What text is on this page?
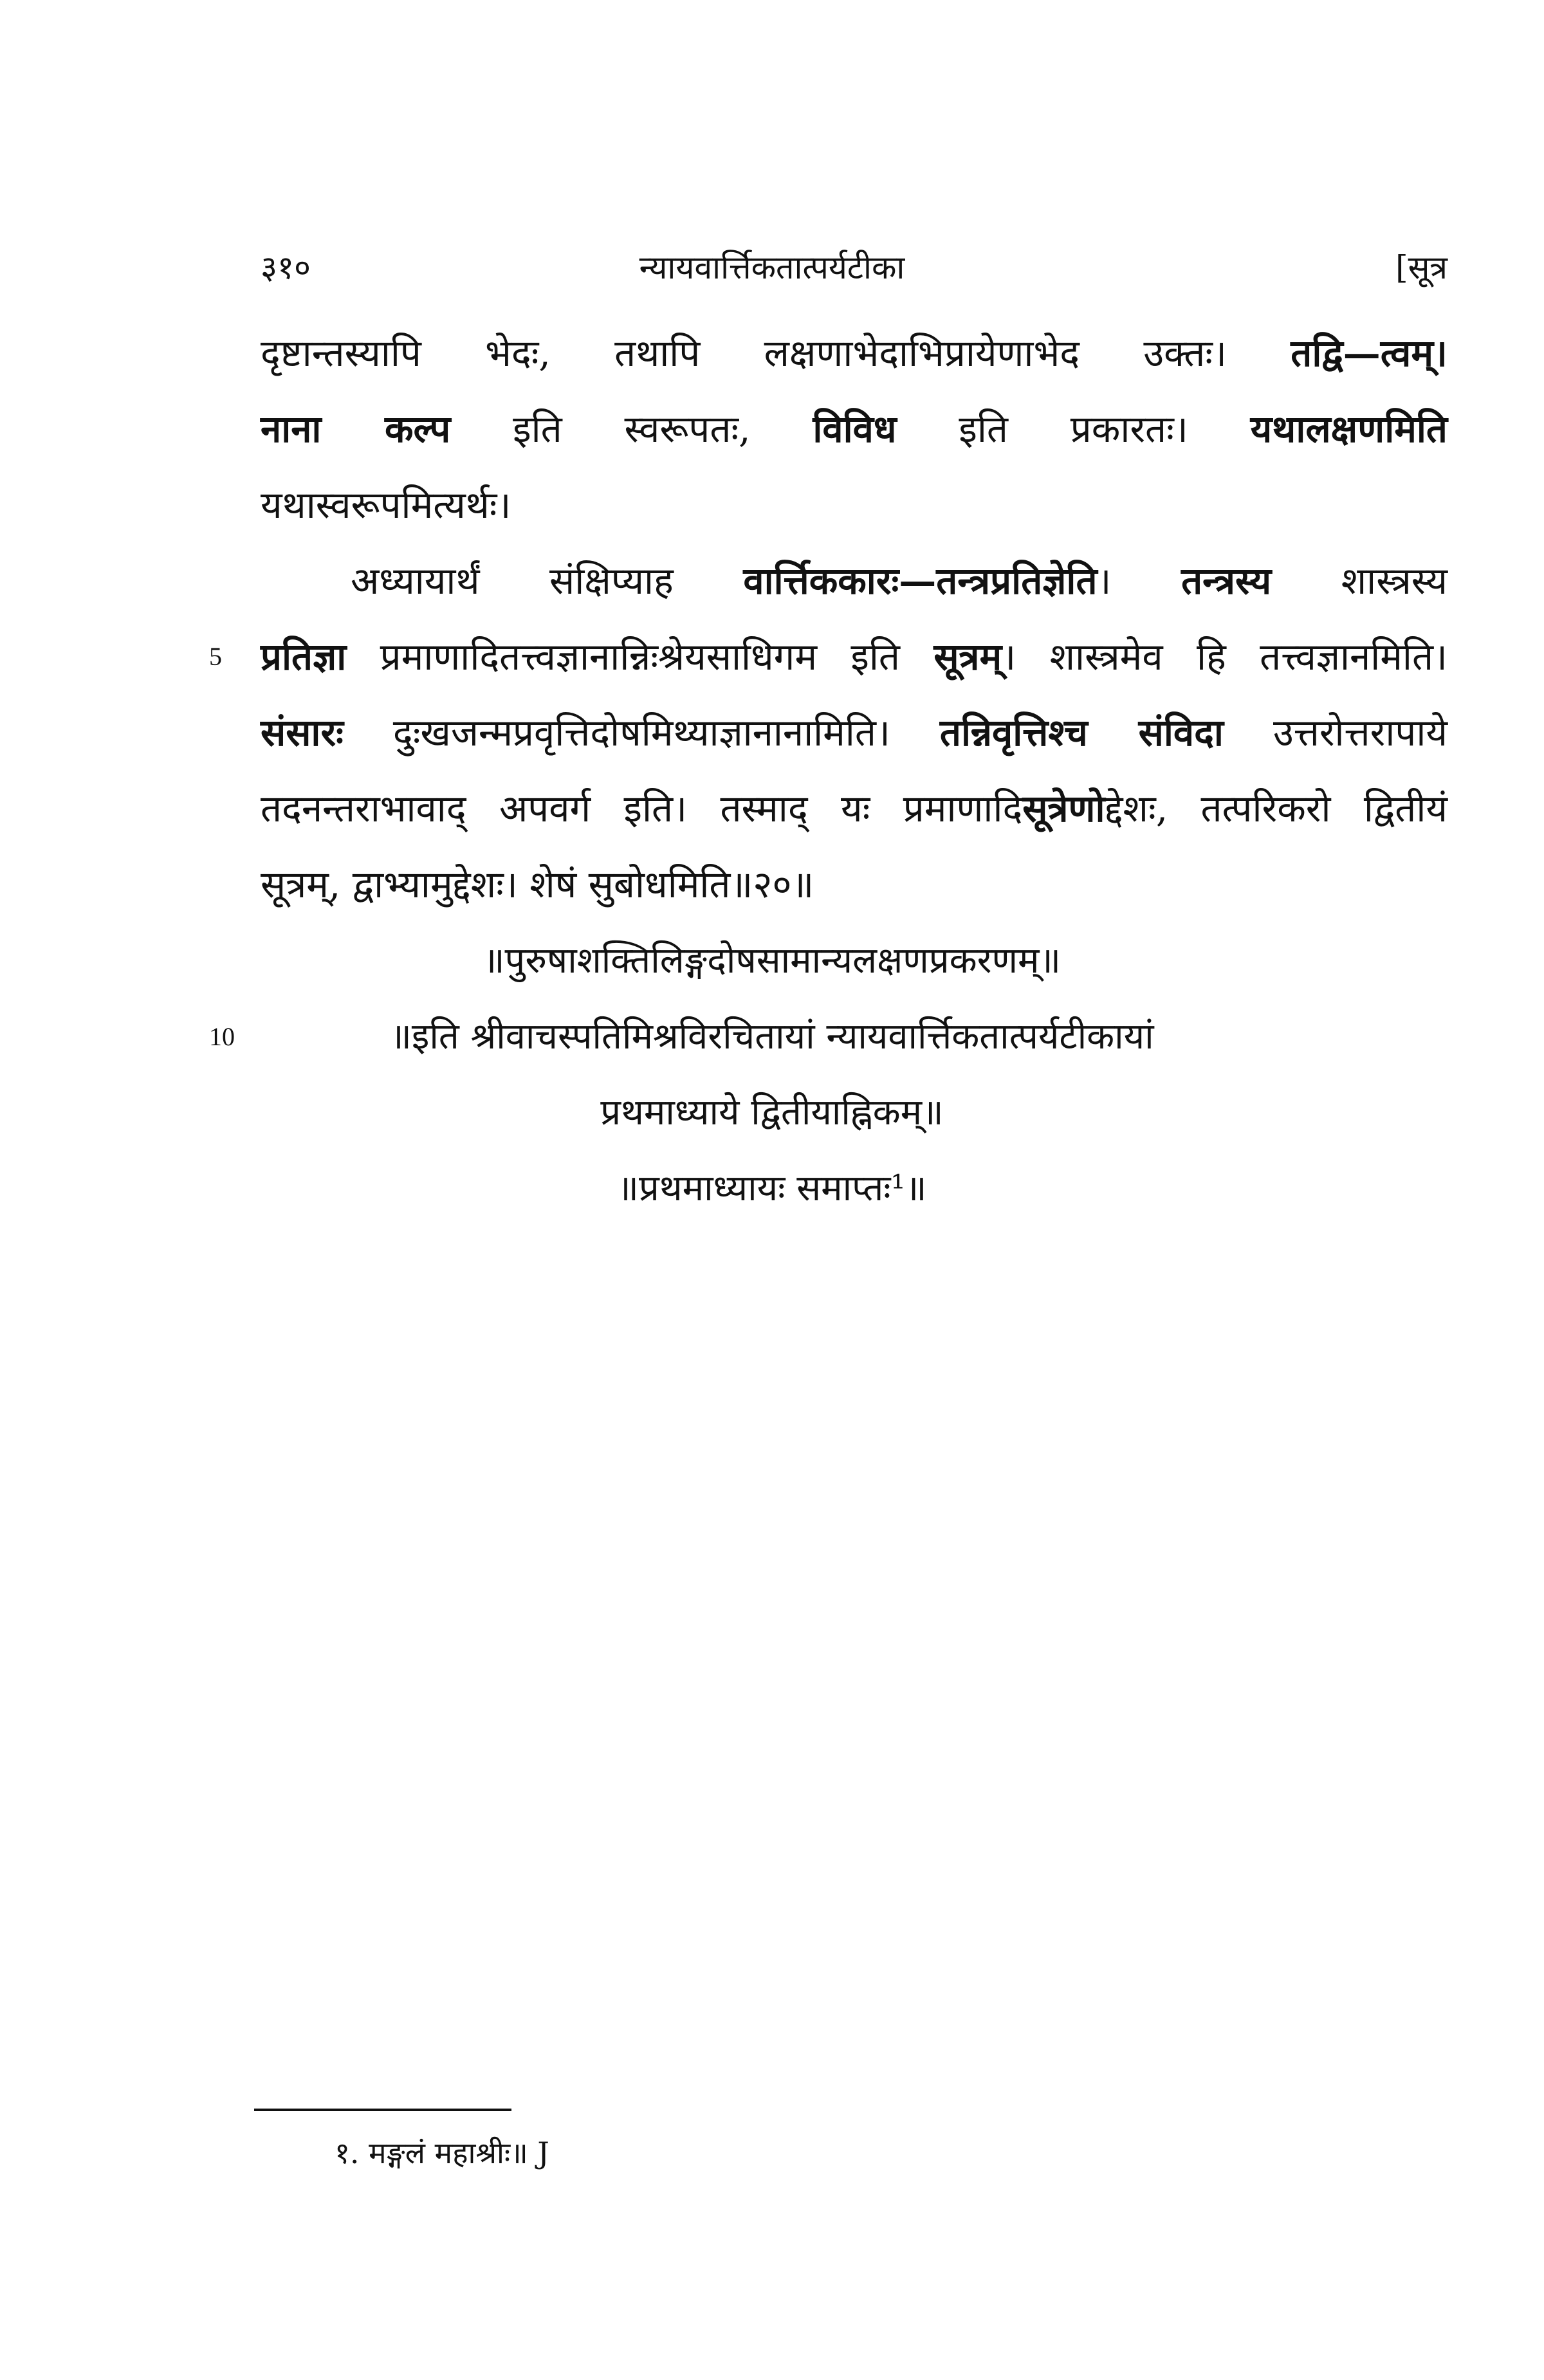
३१०	न्यायवार्त्तिकतात्पर्यटीका	[सूत्र
दृष्टान्तस्यापि भेदः, तथापि लक्षणाभेदाभिप्रायेणाभेद उक्तः। तद्वि—त्वम्।
नाना कल्प इति स्वरूपतः, विविध इति प्रकारतः। यथालक्षणमिति
यथास्वरूपमित्यर्थः।
अध्यायार्थं संक्षिप्याह वार्त्तिककारः—तन्त्रप्रतिज्ञेति। तन्त्रस्य शास्त्रस्य
5	प्रतिज्ञा प्रमाणादितत्त्वज्ञानान्निःश्रेयसाधिगम इति सूत्रम्। शास्त्रमेव हि तत्त्वज्ञानमिति।
संसारः दुःखजन्मप्रवृत्तिदोषमिथ्याज्ञानानामिति। तन्निवृत्तिश्च संविदा उत्तरोत्तरापाये
तदनन्तराभावाद् अपवर्ग इति। तस्माद् यः प्रमाणादिसूत्रेणोद्देशः, तत्परिकरो द्वितीयं
सूत्रम्, द्वाभ्यामुद्देशः। शेषं सुबोधमिति॥२०॥
॥पुरुषाशक्तिलिङ्गदोषसामान्यलक्षणप्रकरणम्॥
10	॥इति श्रीवाचस्पतिमिश्रविरचितायां न्यायवार्त्तिकतात्पर्यटीकायां
प्रथमाध्याये द्वितीयाह्निकम्॥
॥प्रथमाध्यायः समाप्तः¹॥
१. मङ्गलं महाश्रीः॥ J
